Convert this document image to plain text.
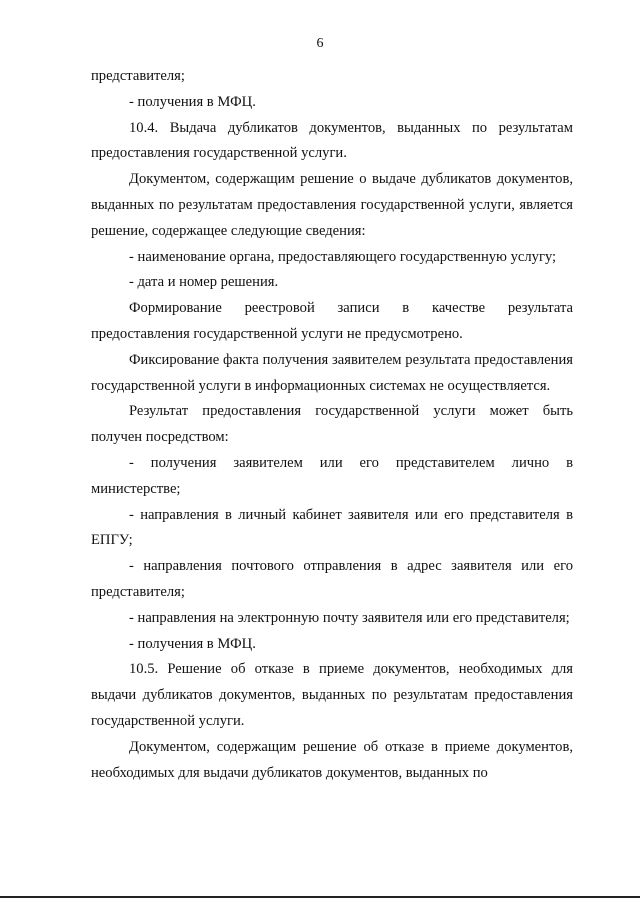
6

представителя;

- получения в МФЦ.

10.4. Выдача дубликатов документов, выданных по результатам предоставления государственной услуги.

Документом, содержащим решение о выдаче дубликатов документов, выданных по результатам предоставления государственной услуги, является решение, содержащее следующие сведения:

- наименование органа, предоставляющего государственную услугу;

- дата и номер решения.

Формирование реестровой записи в качестве результата предоставления государственной услуги не предусмотрено.

Фиксирование факта получения заявителем результата предоставления государственной услуги в информационных системах не осуществляется.

Результат предоставления государственной услуги может быть получен посредством:

- получения заявителем или его представителем лично в министерстве;

- направления в личный кабинет заявителя или его представителя в ЕПГУ;

- направления почтового отправления в адрес заявителя или его представителя;

- направления на электронную почту заявителя или его представителя;

- получения в МФЦ.

10.5. Решение об отказе в приеме документов, необходимых для выдачи дубликатов документов, выданных по результатам предоставления государственной услуги.

Документом, содержащим решение об отказе в приеме документов, необходимых для выдачи дубликатов документов, выданных по
